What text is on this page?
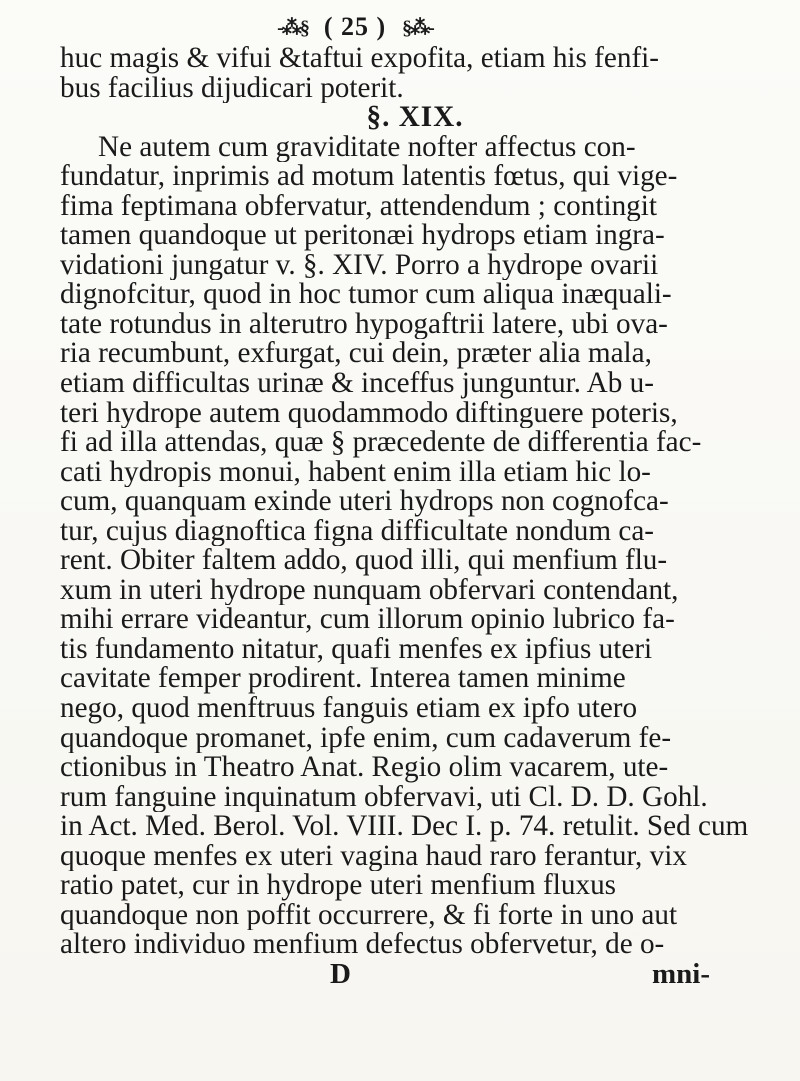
-⁂§ ( 25 ) §⁂-
huc magis & vifui &taftui expofita, etiam his fenfi-
bus facilius dijudicari poterit.
§. XIX.
Ne autem cum graviditate nofter affectus con-
fundatur, inprimis ad motum latentis fœtus, qui vige-
fima feptimana obfervatur, attendendum ; contingit
tamen quandoque ut peritonæi hydrops etiam ingra-
vidationi jungatur v. §. XIV. Porro a hydrope ovarii
dignofcitur, quod in hoc tumor cum aliqua inæquali-
tate rotundus in alterutro hypogaftrii latere, ubi ova-
ria recumbunt, exfurgat, cui dein, præter alia mala,
etiam difficultas urinæ & inceffus junguntur. Ab u-
teri hydrope autem quodammodo diftinguere poteris,
fi ad illa attendas, quæ § præcedente de differentia fac-
cati hydropis monui, habent enim illa etiam hic lo-
cum, quanquam exinde uteri hydrops non cognofca-
tur, cujus diagnoftica figna difficultate nondum ca-
rent. Obiter faltem addo, quod illi, qui menfium flu-
xum in uteri hydrope nunquam obfervari contendant,
mihi errare videantur, cum illorum opinio lubrico fa-
tis fundamento nitatur, quafi menfes ex ipfius uteri
cavitate femper prodirent. Interea tamen minime
nego, quod menftruus fanguis etiam ex ipfo utero
quandoque promanet, ipfe enim, cum cadaverum fe-
ctionibus in Theatro Anat. Regio olim vacarem, ute-
rum fanguine inquinatum obfervavi, uti Cl. D. D. Gohl.
in Act. Med. Berol. Vol. VIII. Dec I. p. 74. retulit. Sed cum
quoque menfes ex uteri vagina haud raro ferantur, vix
ratio patet, cur in hydrope uteri menfium fluxus
quandoque non poffit occurrere, & fi forte in uno aut
altero individuo menfium defectus obfervetur, de o-
D	mni-
